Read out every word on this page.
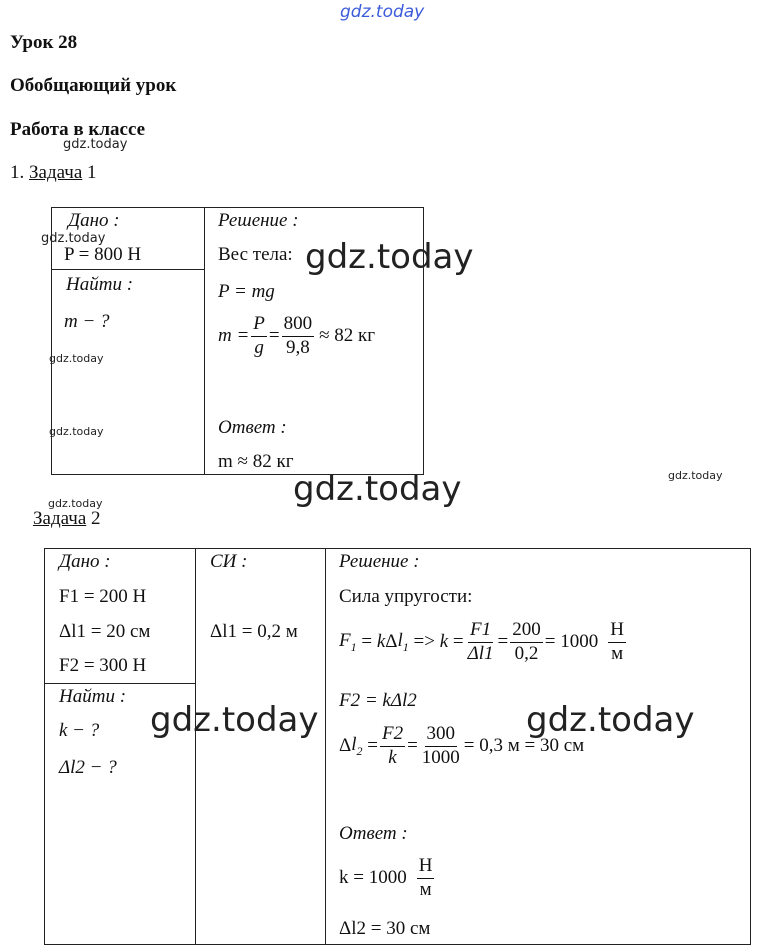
gdz.today
gdz.today
gdz.today	gdz.today
gdz.today
gdz.today
gdz.today
gdz.today
gdz.today
gdz.today	gdz.today
Урок 28
Обобщающий урок
Работа в классе
1. Задача 1
Дано :
P = 800 Н
Найти :
m − ?
Решение :
Вес тела:
P = mg
$m = \frac{P}{g} = \frac{800}{9,8} \approx 82$ кг
Ответ :
m ≈ 82 кг
Задача 2
Дано :
F1 = 200 Н
Δl1 = 20 см
F2 = 300 Н
Найти :
k − ?
Δl2 − ?
СИ :
Δl1 = 0,2 м
Решение :
Сила упругости:
$F_1 = k$ Δ $l_1 => k = \frac{F1}{\Delta l1} = \frac{200}{0,2} = 1000 \frac{Н}{м}$
F2 = kΔl2
Δ $l_2 = \frac{F2}{k} = \frac{300}{1000} = 0,3$ м = 30 см
Ответ :
$k = 1000 \frac{Н}{м}$
Δl2 = 30 см
